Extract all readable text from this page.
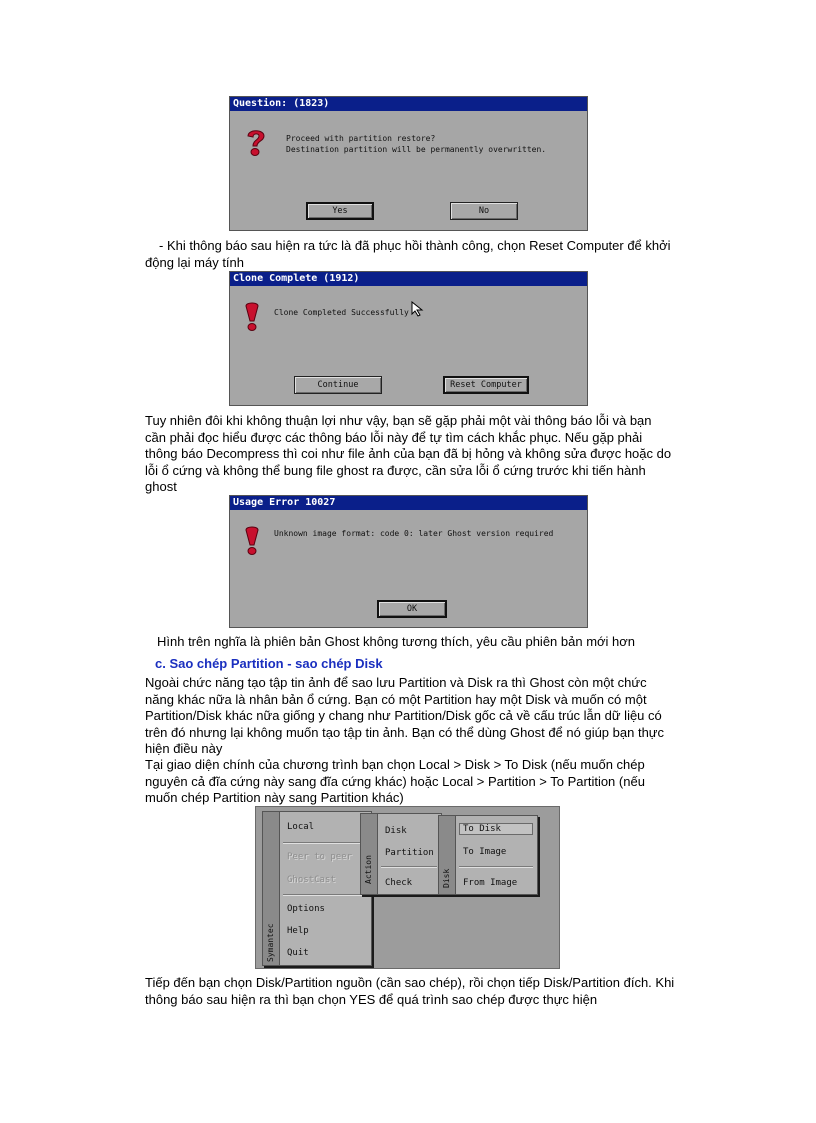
Question: (1823)
Proceed with partition restore?
Destination partition will be permanently overwritten.
Yes	No
- Khi thông báo sau hiện ra tức là đã phục hồi thành công, chọn Reset Computer để khởi động lại máy tính
Clone Complete (1912)
Clone Completed Successfully
Continue	Reset Computer
Tuy nhiên đôi khi không thuận lợi như vậy, bạn sẽ gặp phải một vài thông báo lỗi và bạn cần phải đọc hiểu được các thông báo lỗi này để tự tìm cách khắc phục. Nếu gặp phải thông báo Decompress thì coi như file ảnh của bạn đã bị hỏng và không sửa được hoặc do lỗi ổ cứng và không thể bung file ghost ra được, cần sửa lỗi ổ cứng trước khi tiến hành ghost
Usage Error 10027
Unknown image format: code 0: later Ghost version required
OK
Hình trên nghĩa là phiên bản Ghost không tương thích, yêu cầu phiên bản mới hơn
c. Sao chép Partition - sao chép Disk
Ngoài chức năng tạo tập tin ảnh để sao lưu Partition và Disk ra thì Ghost còn một chức năng khác nữa là nhân bản ổ cứng. Bạn có một Partition hay một Disk và muốn có một Partition/Disk khác nữa giống y chang như Partition/Disk gốc cả về cấu trúc lẫn dữ liệu có trên đó nhưng lại không muốn tạo tập tin ảnh. Bạn có thể dùng Ghost để nó giúp bạn thực hiện điều này
Tại giao diện chính của chương trình bạn chọn Local > Disk > To Disk (nếu muốn chép nguyên cả đĩa cứng này sang đĩa cứng khác) hoặc Local > Partition > To Partition (nếu muốn chép Partition này sang Partition khác)
Symantec
Local
Peer to peer
GhostCast
Options
Help
Quit
Action
Disk
Partition
Check	Disk
To Disk
To Image
From Image
Tiếp đến bạn chọn Disk/Partition nguồn (cần sao chép), rồi chọn tiếp Disk/Partition đích. Khi thông báo sau hiện ra thì bạn chọn YES để quá trình sao chép được thực hiện
